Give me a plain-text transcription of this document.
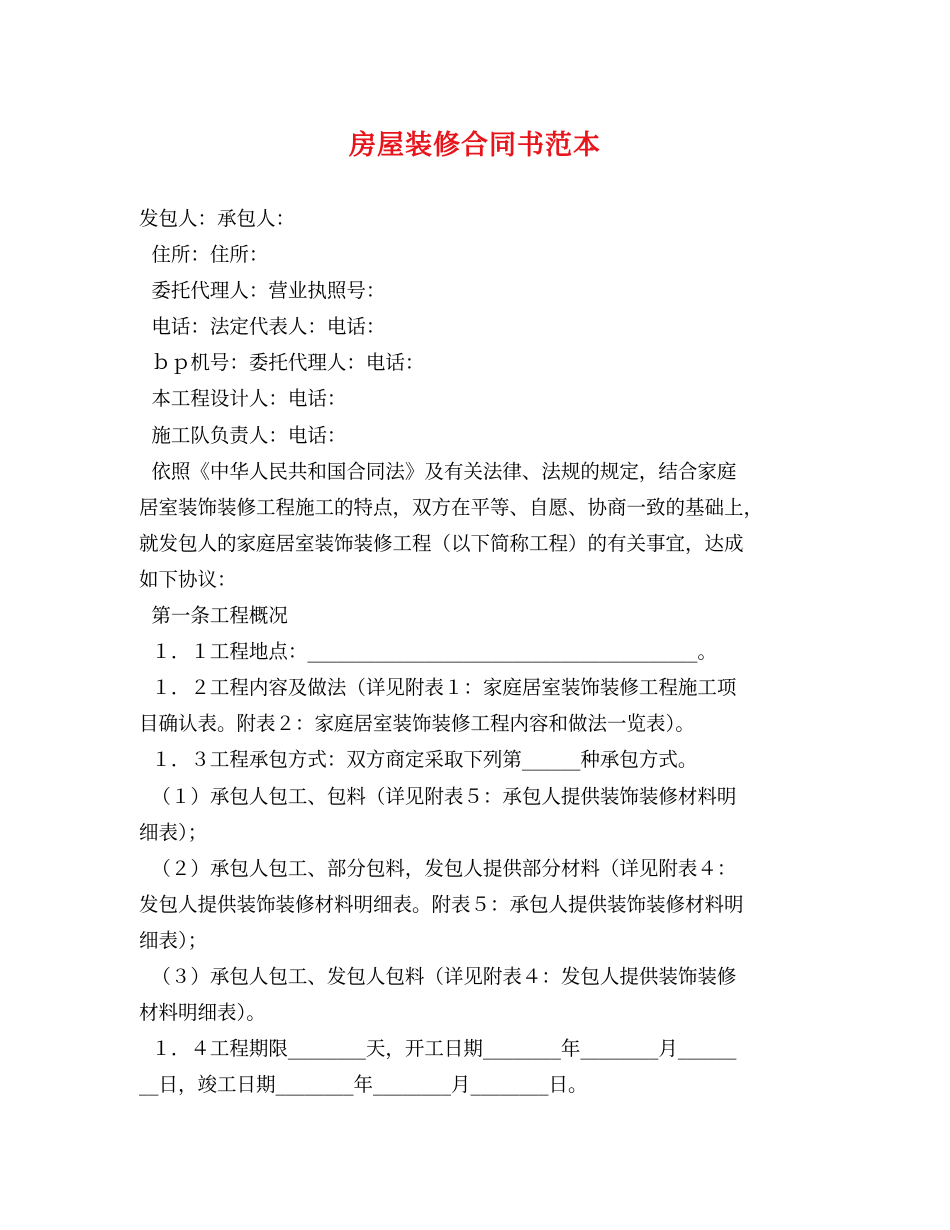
房屋装修合同书范本
发包人：承包人：
住所：住所：
委托代理人：营业执照号：
电话：法定代表人：电话：
ｂｐ机号：委托代理人：电话：
本工程设计人：电话：
施工队负责人：电话：
依照《中华人民共和国合同法》及有关法律、法规的规定，结合家庭
居室装饰装修工程施工的特点，双方在平等、自愿、协商一致的基础上，
就发包人的家庭居室装饰装修工程（以下简称工程）的有关事宜，达成
如下协议：
第一条工程概况
１．１工程地点：________________________________________。
１．２工程内容及做法（详见附表１：家庭居室装饰装修工程施工项
目确认表。附表２：家庭居室装饰装修工程内容和做法一览表）。
１．３工程承包方式：双方商定采取下列第______种承包方式。
（１）承包人包工、包料（详见附表５：承包人提供装饰装修材料明
细表）；
（２）承包人包工、部分包料，发包人提供部分材料（详见附表４：
发包人提供装饰装修材料明细表。附表５：承包人提供装饰装修材料明
细表）；
（３）承包人包工、发包人包料（详见附表４：发包人提供装饰装修
材料明细表）。
１．４工程期限________天，开工日期________年________月______
__日，竣工日期________年________月________日。
